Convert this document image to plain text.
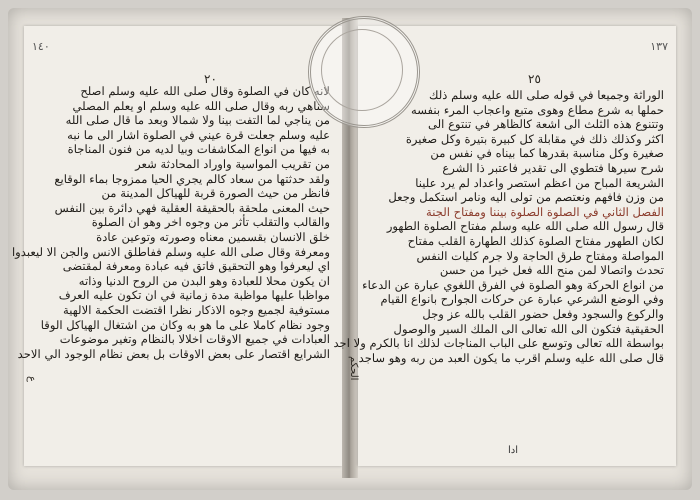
١٤٠
٢٠
لانه كان في الصلوة وقال صلى الله عليه وسلم اصلح
سناهي ربه وقال صلى الله عليه وسلم او يعلم المصلي
من يناجي لما التفت بينا ولا شمالا وبعد ما قال صلى الله
عليه وسلم جعلت قرة عيني في الصلوة اشار الى ما نبه
به فيها من انواع المكاشفات وبيا لديه من فنون المناجاة
من تقريب المواسية واوراد المحادثة شعر
ولقد حدثتها من سعاد كالم يجري الحيا ممزوجا بماء الوقايع
فانظر من حيث الصورة قربة للهياكل المدينة من
حيث المعنى ملحقة بالحقيقة العقلية فهي دائرة بين النفس
والقالب والتقلب تأثر من وجوه اخر وهو ان الصلوة
خلق الانسان بقسمين معناه وصورته وتوعين عادة
ومعرفة وقال صلى الله عليه وسلم ففاطلق الانس والجن الا ليعبدوا
اي ليعرفوا وهو التحقيق فاتق فيه عبادة ومعرفة لمقتضى
ان يكون محلا للعبادة وهو البدن من الروح الدنيا وذاته
مواظبا عليها مواظبة مدة زمانية في ان تكون عليه العرف
مستوفية لجميع وجوه الاذكار نظرا اقتضت الحكمة الالهية
وجود نظام كاملا على ما هو به وكان من اشتغال الهياكل الوقا
العبادات في جميع الاوقات اخلالا بالنظام وتغير موضوعات
الشرايع اقتصار على بعض الاوقات بل بعض نظام الوجود الي الاحد
ع
١٣٧
٢٥
الوراثة وجميعا في قوله صلى الله عليه وسلم ذلك
حملها به شرع مطاع وهوى متبع واعجاب المرء بنفسه
وتتنوع هذه الثلث الى اشعة كالظاهر في تنتوع الى
اكثر وكذلك ذلك في مقابلة كل كبيرة بتيرة وكل صغيرة
صغيرة وكل مناسبة بقدرها كما بيناه في نفس من
شرح سيرها فتطوي الى تقدير فاعتبر ذا الشرع
الشريعة المباح من اعظم استصر واعداد لم يرد علينا
من وزن فافهم ونعتصم من تولى اليه ونامر استكمل وجعل
الفصل الثاني في الصلوة الصلوة بيننا ومفتاح الجنة
قال رسول الله صلى الله عليه وسلم مفتاح الصلوة الطهور
لكان الطهور مفتاح الصلوة كذلك الطهارة القلب مفتاح
المواصلة ومفتاح طرق الحاجة ولا جرم كليات النفس
تحدث واتصالا لمن منح الله فعل خيرا من حسن
من انواع الحركة وهو الصلوة في الفرق اللغوي عبارة عن الدعاء
وفي الوضع الشرعي عبارة عن حركات الجوارح بانواع القيام
والركوع والسجود وفعل حضور القلب بالله عز وجل
الحقيقية فتكون الى الله تعالى الى الملك السير والوصول
بواسطة الله تعالى وتوسع على الباب المناجات لذلك انا بالكرم ولا اجد
قال صلى الله عليه وسلم اقرب ما يكون العبد من ربه وهو ساجد
الحكم
ادا
